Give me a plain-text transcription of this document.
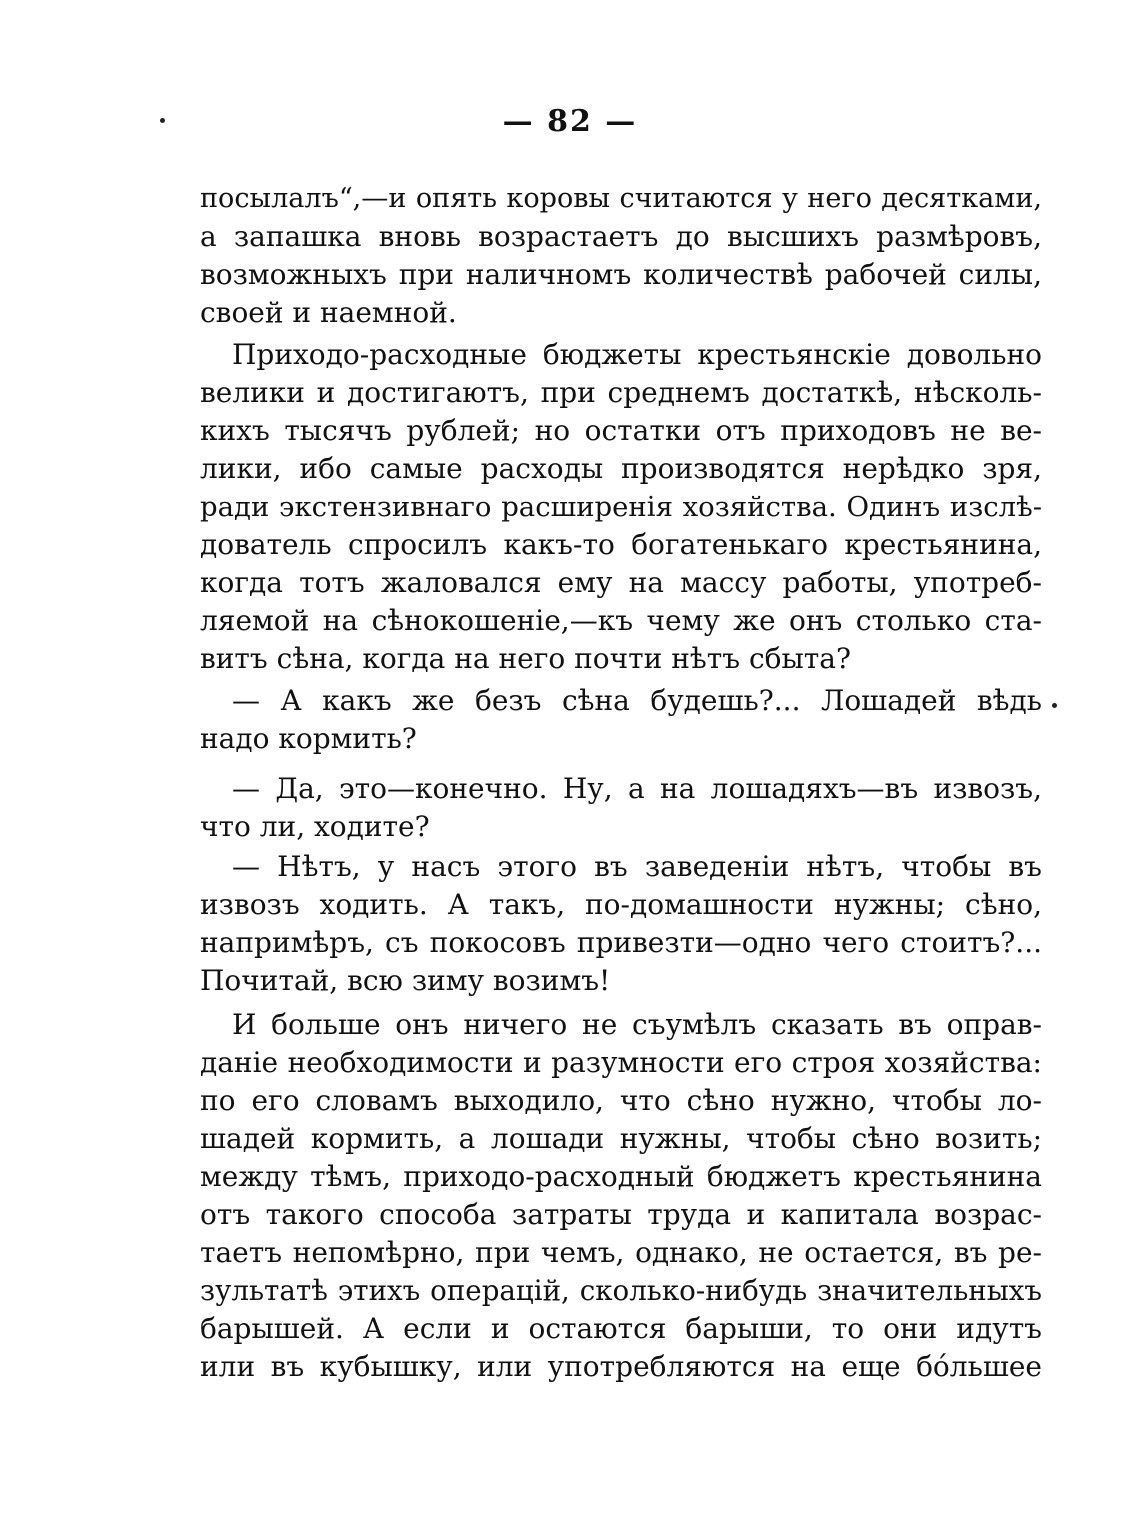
— 82 —
посылалъ“,—и опять коровы считаются у него десятками,
а запашка вновь возрастаетъ до высшихъ размѣровъ,
возможныхъ при наличномъ количествѣ рабочей силы,
своей и наемной.
Приходо-расходные бюджеты крестьянскіе довольно
велики и достигаютъ, при среднемъ достаткѣ, нѣсколь-
кихъ тысячъ рублей; но остатки отъ приходовъ не ве-
лики, ибо самые расходы производятся нерѣдко зря,
ради экстензивнаго расширенія хозяйства. Одинъ изслѣ-
дователь спросилъ какъ-то богатенькаго крестьянина,
когда тотъ жаловался ему на массу работы, употреб-
ляемой на сѣнокошеніе,—къ чему же онъ столько ста-
витъ сѣна, когда на него почти нѣтъ сбыта?
— А какъ же безъ сѣна будешь?... Лошадей вѣдь
надо кормить?
— Да, это—конечно. Ну, а на лошадяхъ—въ извозъ,
что ли, ходите?
— Нѣтъ, у насъ этого въ заведеніи нѣтъ, чтобы въ
извозъ ходить. А такъ, по-домашности нужны; сѣно,
напримѣръ, съ покосовъ привезти—одно чего стоитъ?...
Почитай, всю зиму возимъ!
И больше онъ ничего не съумѣлъ сказать въ оправ-
даніе необходимости и разумности его строя хозяйства:
по его словамъ выходило, что сѣно нужно, чтобы ло-
шадей кормить, а лошади нужны, чтобы сѣно возить;
между тѣмъ, приходо-расходный бюджетъ крестьянина
отъ такого способа затраты труда и капитала возрас-
таетъ непомѣрно, при чемъ, однако, не остается, въ ре-
зультатѣ этихъ операцій, сколько-нибудь значительныхъ
барышей. А если и остаются барыши, то они идутъ
или въ кубышку, или употребляются на еще бо́льшее
